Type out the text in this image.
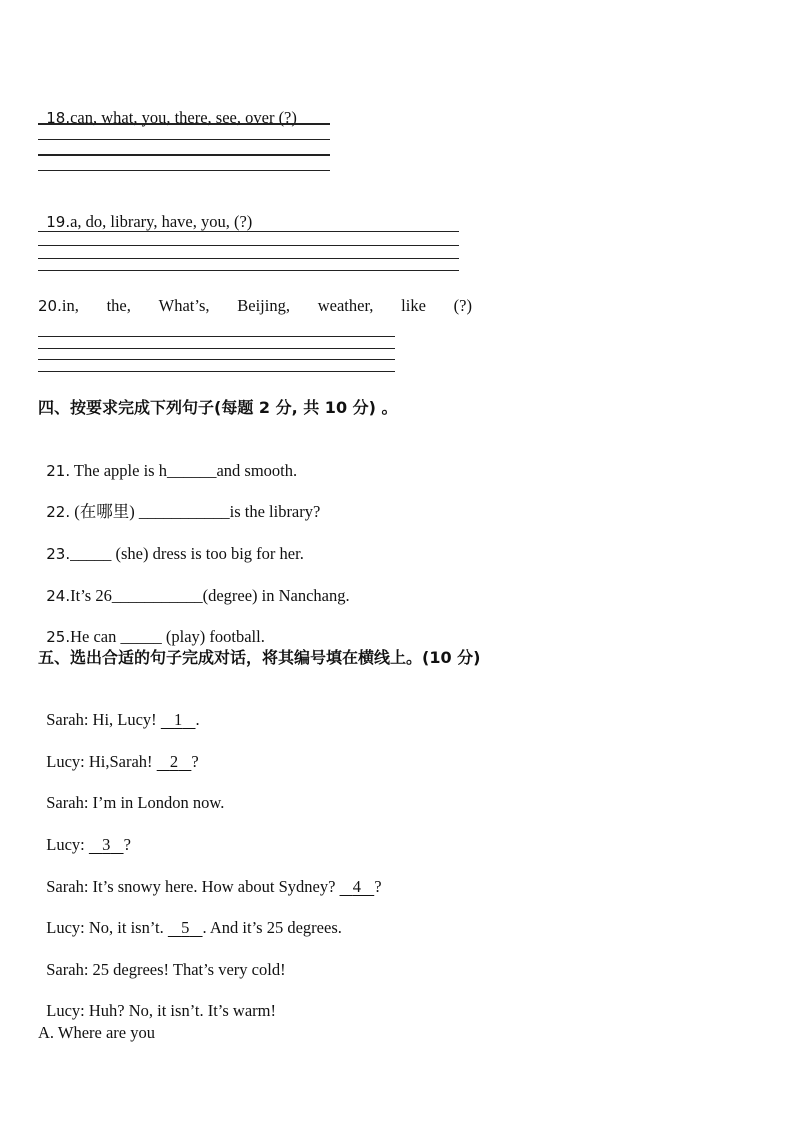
18.can, what, you, there, see, over (?)

19.a, do, library, have, you, (?)

20.in, the, What’s, Beijing, weather, like (?)
四、按要求完成下列句子(每题 2 分, 共 10 分) 。

21. The apple is h______and smooth.

22. (在哪里) ___________is the library?

23._____ (she) dress is too big for her.

24.It’s 26___________(degree) in Nanchang.

25.He can _____ (play) football.

五、选出合适的句子完成对话，将其编号填在横线上。(10 分)

Sarah: Hi, Lucy!     1     .

Lucy: Hi,Sarah!     2     ?

Sarah: I’m in London now.

Lucy:     3     ?

Sarah: It’s snowy here. How about Sydney?     4     ?

Lucy: No, it isn’t.     5     . And it’s 25 degrees.

Sarah: 25 degrees! That’s very cold!

Lucy: Huh? No, it isn’t. It’s warm!

A. Where are you
